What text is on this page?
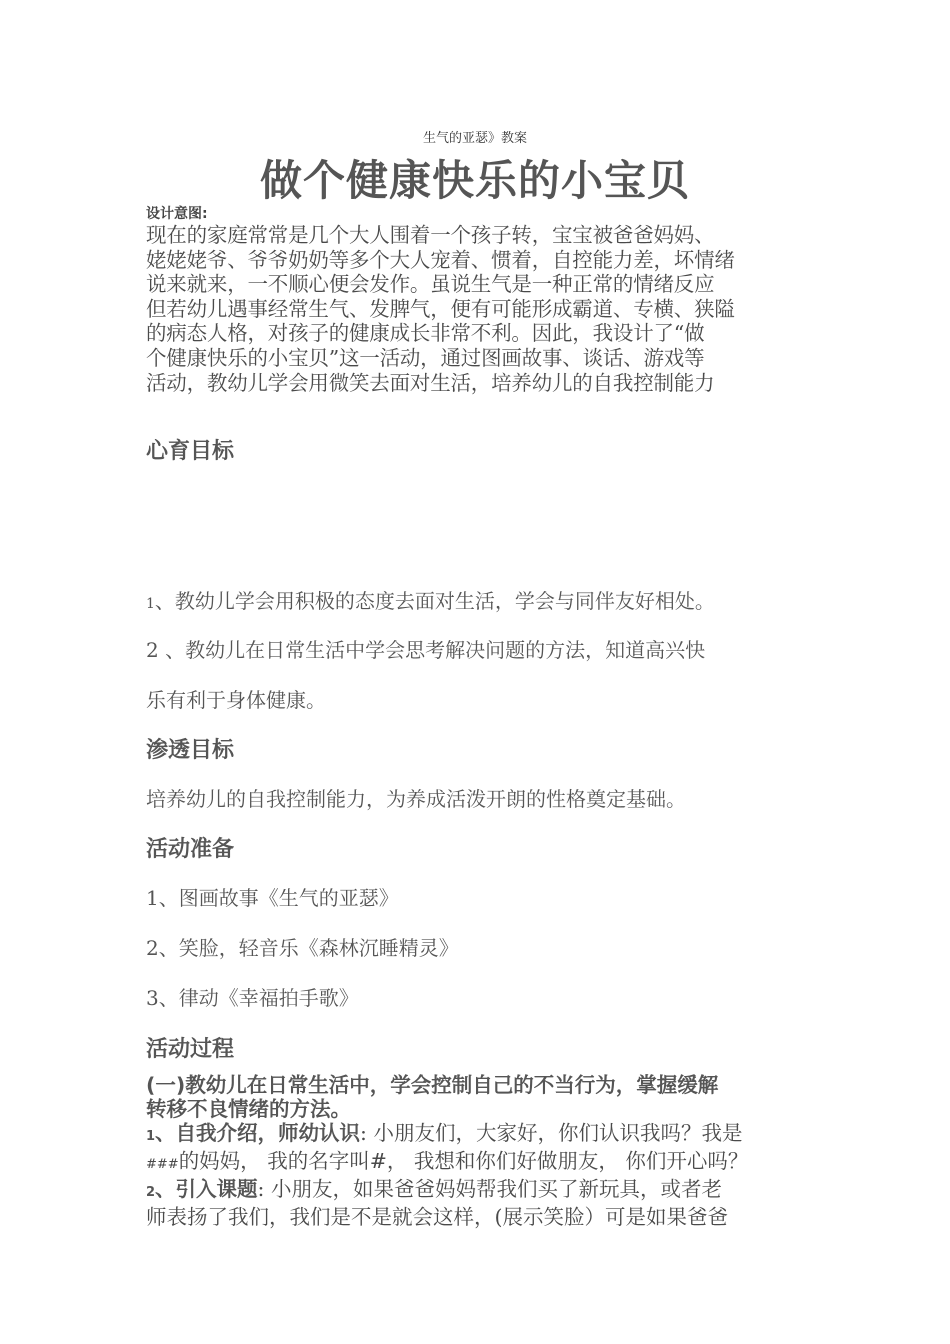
生气的亚瑟》教案
做个健康快乐的小宝贝
设计意图:
现在的家庭常常是几个大人围着一个孩子转，宝宝被爸爸妈妈、
姥姥姥爷、爷爷奶奶等多个大人宠着、惯着，自控能力差，坏情绪
说来就来，一不顺心便会发作。虽说生气是一种正常的情绪反应
但若幼儿遇事经常生气、发脾气，便有可能形成霸道、专横、狭隘
的病态人格，对孩子的健康成长非常不利。因此，我设计了“做
个健康快乐的小宝贝”这一活动，通过图画故事、谈话、游戏等
活动，教幼儿学会用微笑去面对生活，培养幼儿的自我控制能力
心育目标
1、教幼儿学会用积极的态度去面对生活，学会与同伴友好相处。
2 、教幼儿在日常生活中学会思考解决问题的方法，知道高兴快
乐有利于身体健康。
渗透目标
培养幼儿的自我控制能力，为养成活泼开朗的性格奠定基础。
活动准备
1、图画故事《生气的亚瑟》
2、笑脸，轻音乐《森林沉睡精灵》
3、律动《幸福拍手歌》
活动过程
(一)教幼儿在日常生活中，学会控制自己的不当行为，掌握缓解
转移不良情绪的方法。
1、自我介绍，师幼认识: 小朋友们，大家好，你们认识我吗？我是
###的妈妈， 我的名字叫#， 我想和你们好做朋友， 你们开心吗？
2、引入课题: 小朋友，如果爸爸妈妈帮我们买了新玩具，或者老
师表扬了我们，我们是不是就会这样，(展示笑脸）可是如果爸爸
